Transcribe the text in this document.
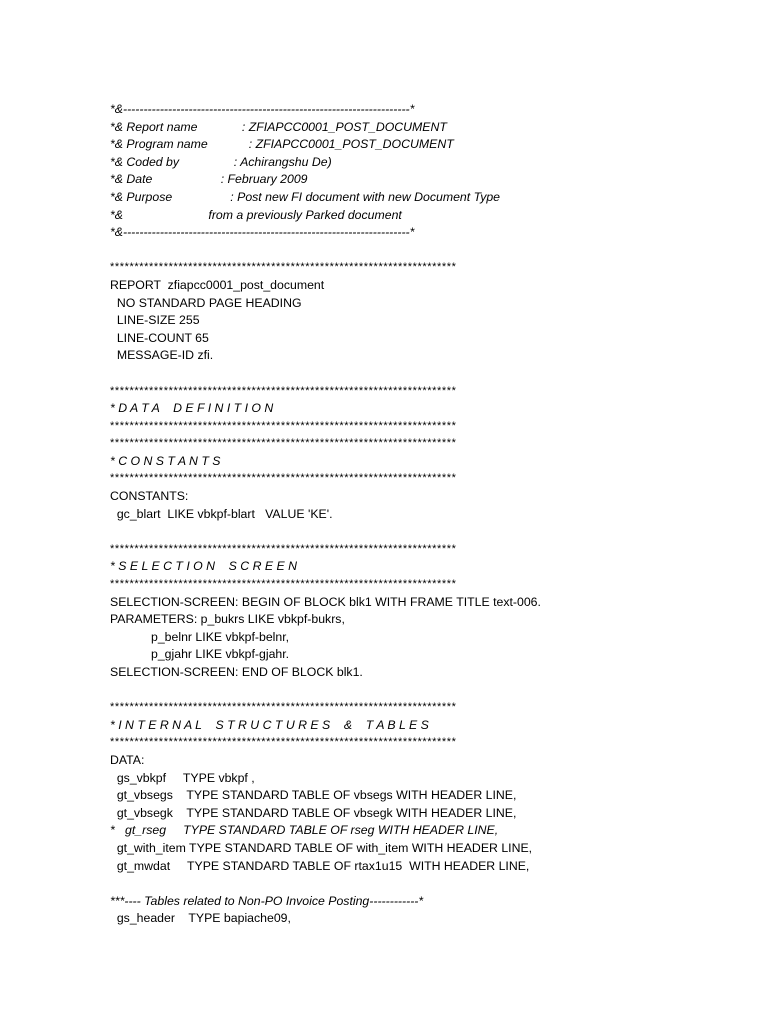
*&----------------------------------------------------------------------*
*& Report name             : ZFIAPCC0001_POST_DOCUMENT
*& Program name            : ZFIAPCC0001_POST_DOCUMENT
*& Coded by                : Achirangshu De)
*& Date                    : February 2009
*& Purpose                 : Post new FI document with new Document Type
*&                         from a previously Parked document
*&----------------------------------------------------------------------*
***********************************************************************
REPORT  zfiapcc0001_post_document
NO STANDARD PAGE HEADING
LINE-SIZE 255
LINE-COUNT 65
MESSAGE-ID zfi.
***********************************************************************
* D A T A    D E F I N I T I O N
***********************************************************************
***********************************************************************
* C O N S T A N T S
***********************************************************************
CONSTANTS:
gc_blart  LIKE vbkpf-blart   VALUE 'KE'.
***********************************************************************
* S E L E C T I O N    S C R E E N
***********************************************************************
SELECTION-SCREEN: BEGIN OF BLOCK blk1 WITH FRAME TITLE text-006.
PARAMETERS: p_bukrs LIKE vbkpf-bukrs,
p_belnr LIKE vbkpf-belnr,
p_gjahr LIKE vbkpf-gjahr.
SELECTION-SCREEN: END OF BLOCK blk1.
***********************************************************************
* I N T E R N A L    S T R U C T U R E S    &    T A B L E S
***********************************************************************
DATA:
gs_vbkpf     TYPE vbkpf ,
gt_vbsegs    TYPE STANDARD TABLE OF vbsegs WITH HEADER LINE,
gt_vbsegk    TYPE STANDARD TABLE OF vbsegk WITH HEADER LINE,
*   gt_rseg     TYPE STANDARD TABLE OF rseg WITH HEADER LINE,
gt_with_item TYPE STANDARD TABLE OF with_item WITH HEADER LINE,
gt_mwdat     TYPE STANDARD TABLE OF rtax1u15  WITH HEADER LINE,
***---- Tables related to Non-PO Invoice Posting------------*
gs_header    TYPE bapiache09,
